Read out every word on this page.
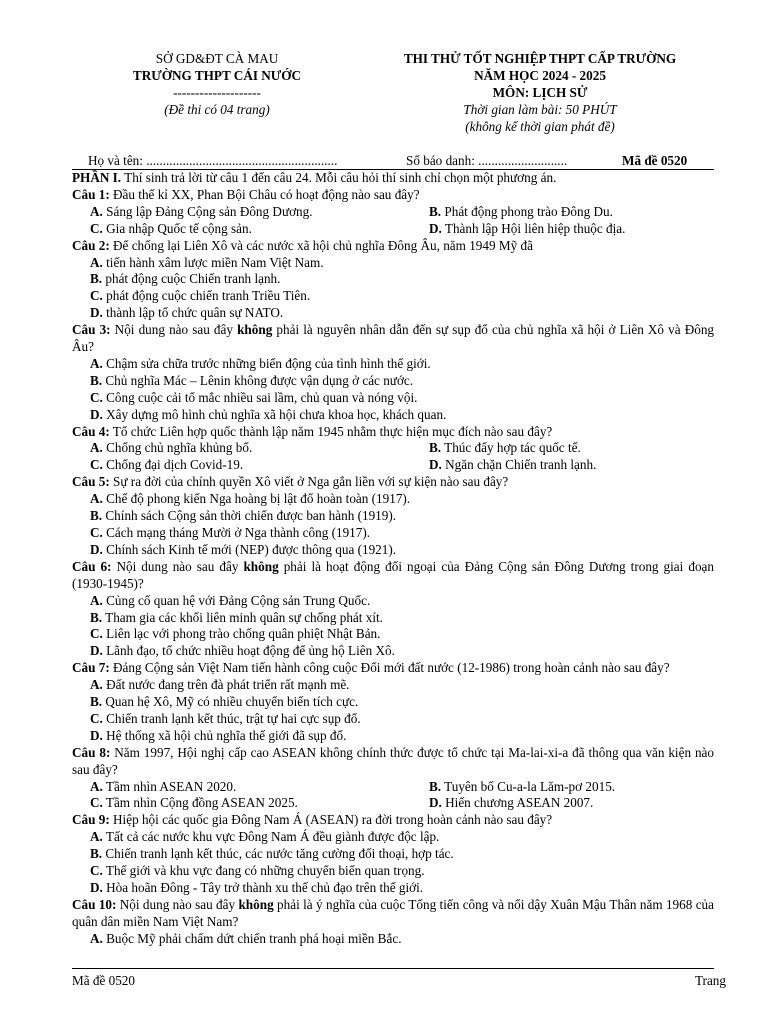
SỞ GD&ĐT CÀ MAU
TRƯỜNG THPT CÁI NƯỚC
--------------------
(Đề thi có 04 trang)
THI THỬ TỐT NGHIỆP THPT CẤP TRƯỜNG
NĂM HỌC 2024 - 2025
MÔN: LỊCH SỬ
Thời gian làm bài: 50 PHÚT
(không kể thời gian phát đề)
Họ và tên: ..........................................................	Số báo danh: ...........................	Mã đề 0520
PHẦN I. Thí sinh trả lời từ câu 1 đến câu 24. Mỗi câu hỏi thí sinh chỉ chọn một phương án.
Câu 1: Đầu thế kỉ XX, Phan Bội Châu có hoạt động nào sau đây?
A. Sáng lập Đảng Cộng sản Đông Dương.	B. Phát động phong trào Đông Du.
C. Gia nhập Quốc tế cộng sản.	D. Thành lập Hội liên hiệp thuộc địa.
Câu 2: Để chống lại Liên Xô và các nước xã hội chủ nghĩa Đông Âu, năm 1949 Mỹ đã
A. tiến hành xâm lược miền Nam Việt Nam.
B. phát động cuộc Chiến tranh lạnh.
C. phát động cuộc chiến tranh Triều Tiên.
D. thành lập tổ chức quân sự NATO.
Câu 3: Nội dung nào sau đây không phải là nguyên nhân dẫn đến sự sụp đổ của chủ nghĩa xã hội ở Liên Xô và Đông Âu?
A. Chậm sửa chữa trước những biến động của tình hình thế giới.
B. Chủ nghĩa Mác – Lênin không được vận dụng ở các nước.
C. Công cuộc cải tổ mắc nhiều sai lầm, chủ quan và nóng vội.
D. Xây dựng mô hình chủ nghĩa xã hội chưa khoa học, khách quan.
Câu 4: Tổ chức Liên hợp quốc thành lập năm 1945 nhằm thực hiện mục đích nào sau đây?
A. Chống chủ nghĩa khủng bố.	B. Thúc đẩy hợp tác quốc tế.
C. Chống đại dịch Covid-19.	D. Ngăn chặn Chiến tranh lạnh.
Câu 5: Sự ra đời của chính quyền Xô viết ở Nga gắn liền với sự kiện nào sau đây?
A. Chế độ phong kiến Nga hoàng bị lật đổ hoàn toàn (1917).
B. Chính sách Cộng sản thời chiến được ban hành (1919).
C. Cách mạng tháng Mười ở Nga thành công (1917).
D. Chính sách Kinh tế mới (NEP) được thông qua (1921).
Câu 6: Nội dung nào sau đây không phải là hoạt động đối ngoại của Đảng Cộng sản Đông Dương trong giai đoạn (1930-1945)?
A. Củng cố quan hệ với Đảng Cộng sản Trung Quốc.
B. Tham gia các khối liên minh quân sự chống phát xít.
C. Liên lạc với phong trào chống quân phiệt Nhật Bản.
D. Lãnh đạo, tổ chức nhiều hoạt động để ủng hộ Liên Xô.
Câu 7: Đảng Cộng sản Việt Nam tiến hành công cuộc Đổi mới đất nước (12-1986) trong hoàn cảnh nào sau đây?
A. Đất nước đang trên đà phát triển rất mạnh mẽ.
B. Quan hệ Xô, Mỹ có nhiều chuyển biến tích cực.
C. Chiến tranh lạnh kết thúc, trật tự hai cực sụp đổ.
D. Hệ thống xã hội chủ nghĩa thế giới đã sụp đổ.
Câu 8: Năm 1997, Hội nghị cấp cao ASEAN không chính thức được tổ chức tại Ma-lai-xi-a đã thông qua văn kiện nào sau đây?
A. Tầm nhìn ASEAN 2020.	B. Tuyên bố Cu-a-la Lăm-pơ 2015.
C. Tầm nhìn Cộng đồng ASEAN 2025.	D. Hiến chương ASEAN 2007.
Câu 9: Hiệp hội các quốc gia Đông Nam Á (ASEAN) ra đời trong hoàn cảnh nào sau đây?
A. Tất cả các nước khu vực Đông Nam Á đều giành được độc lập.
B. Chiến tranh lạnh kết thúc, các nước tăng cường đối thoại, hợp tác.
C. Thế giới và khu vực đang có những chuyển biến quan trọng.
D. Hòa hoãn Đông - Tây trở thành xu thế chủ đạo trên thế giới.
Câu 10: Nội dung nào sau đây không phải là ý nghĩa của cuộc Tổng tiến công và nổi dậy Xuân Mậu Thân năm 1968 của quân dân miền Nam Việt Nam?
A. Buộc Mỹ phải chấm dứt chiến tranh phá hoại miền Bắc.
Mã đề 0520	Trang
